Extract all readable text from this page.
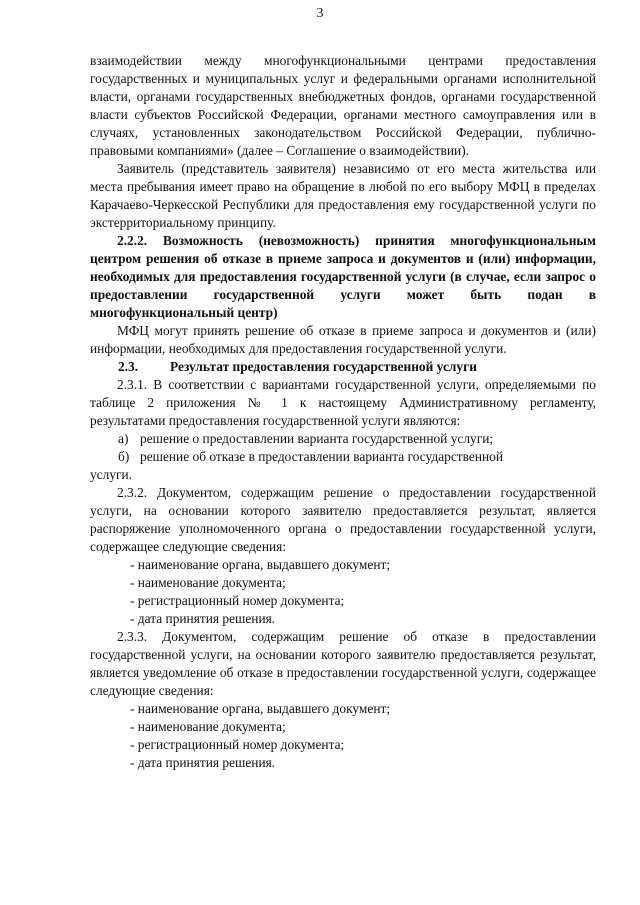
3

взаимодействии между многофункциональными центрами предоставления государственных и муниципальных услуг и федеральными органами исполнительной власти, органами государственных внебюджетных фондов, органами государственной власти субъектов Российской Федерации, органами местного самоуправления или в случаях, установленных законодательством Российской Федерации, публично-правовыми компаниями» (далее – Соглашение о взаимодействии).

Заявитель (представитель заявителя) независимо от его места жительства или места пребывания имеет право на обращение в любой по его выбору МФЦ в пределах Карачаево-Черкесской Республики для предоставления ему государственной услуги по экстерриториальному принципу.

2.2.2. Возможность (невозможность) принятия многофункциональным центром решения об отказе в приеме запроса и документов и (или) информации, необходимых для предоставления государственной услуги (в случае, если запрос о предоставлении государственной услуги может быть подан в многофункциональный центр)

МФЦ могут принять решение об отказе в приеме запроса и документов и (или) информации, необходимых для предоставления государственной услуги.

2.3.	Результат предоставления государственной услуги

2.3.1. В соответствии с вариантами государственной услуги, определяемыми по таблице 2 приложения № 1 к настоящему Административному регламенту, результатами предоставления государственной услуги являются:

а) решение о предоставлении варианта государственной услуги;
б) решение об отказе в предоставлении варианта государственной

услуги.

2.3.2. Документом, содержащим решение о предоставлении государственной услуги, на основании которого заявителю предоставляется результат, является распоряжение уполномоченного органа о предоставлении государственной услуги, содержащее следующие сведения:

- наименование органа, выдавшего документ;

- наименование документа;

- регистрационный номер документа;

- дата принятия решения.

2.3.3. Документом, содержащим решение об отказе в предоставлении государственной услуги, на основании которого заявителю предоставляется результат, является уведомление об отказе в предоставлении государственной услуги, содержащее следующие сведения:

- наименование органа, выдавшего документ;

- наименование документа;

- регистрационный номер документа;

- дата принятия решения.
